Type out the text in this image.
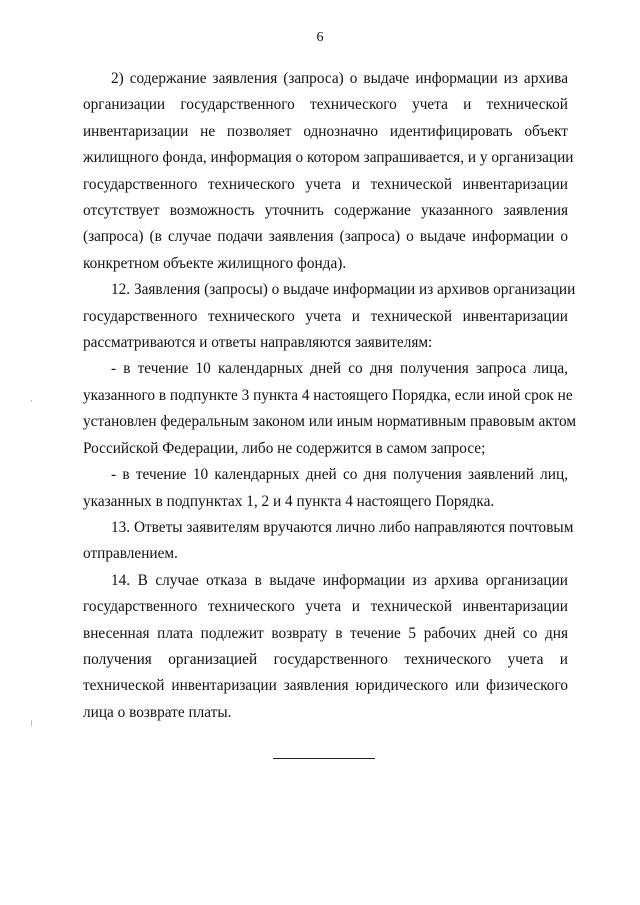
6
2) содержание заявления (запроса) о выдаче информации из архива
организации государственного технического учета и технической
инвентаризации не позволяет однозначно идентифицировать объект
жилищного фонда, информация о котором запрашивается, и у организации
государственного технического учета и технической инвентаризации
отсутствует возможность уточнить содержание указанного заявления
(запроса) (в случае подачи заявления (запроса) о выдаче информации о
конкретном объекте жилищного фонда).
12. Заявления (запросы) о выдаче информации из архивов организации
государственного технического учета и технической инвентаризации
рассматриваются и ответы направляются заявителям:
- в течение 10 календарных дней со дня получения запроса лица,
указанного в подпункте 3 пункта 4 настоящего Порядка, если иной срок не
установлен федеральным законом или иным нормативным правовым актом
Российской Федерации, либо не содержится в самом запросе;
- в течение 10 календарных дней со дня получения заявлений лиц,
указанных в подпунктах 1, 2 и 4 пункта 4 настоящего Порядка.
13. Ответы заявителям вручаются лично либо направляются почтовым
отправлением.
14. В случае отказа в выдаче информации из архива организации
государственного технического учета и технической инвентаризации
внесенная плата подлежит возврату в течение 5 рабочих дней со дня
получения организацией государственного технического учета и
технической инвентаризации заявления юридического или физического
лица о возврате платы.
